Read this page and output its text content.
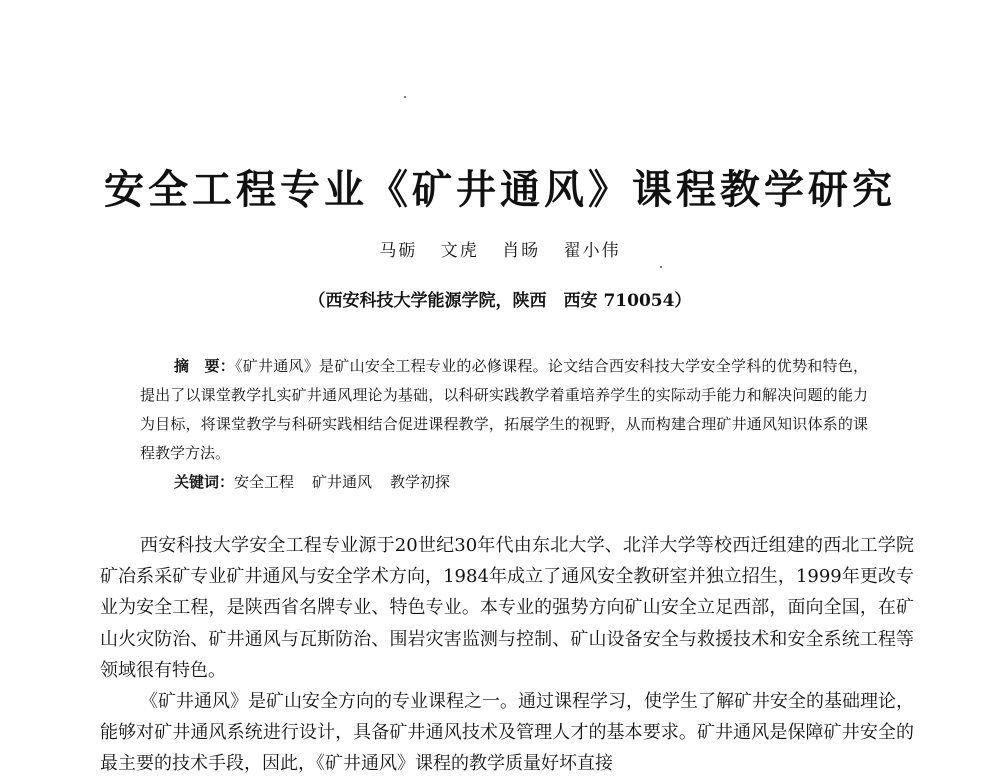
安全工程专业《矿井通风》课程教学研究
马砺 文虎 肖旸 翟小伟
（西安科技大学能源学院，陕西　西安 710054）
摘　要：《矿井通风》是矿山安全工程专业的必修课程。论文结合西安科技大学安全学科的优势和特色，提出了以课堂教学扎实矿井通风理论为基础，以科研实践教学着重培养学生的实际动手能力和解决问题的能力为目标，将课堂教学与科研实践相结合促进课程教学，拓展学生的视野，从而构建合理矿井通风知识体系的课程教学方法。
关键词：安全工程 矿井通风 教学初探

西安科技大学安全工程专业源于20世纪30年代由东北大学、北洋大学等校西迁组建的西北工学院矿冶系采矿专业矿井通风与安全学术方向，1984年成立了通风安全教研室并独立招生，1999年更改专业为安全工程，是陕西省名牌专业、特色专业。本专业的强势方向矿山安全立足西部，面向全国，在矿山火灾防治、矿井通风与瓦斯防治、围岩灾害监测与控制、矿山设备安全与救援技术和安全系统工程等领域很有特色。

《矿井通风》是矿山安全方向的专业课程之一。通过课程学习，使学生了解矿井安全的基础理论，能够对矿井通风系统进行设计，具备矿井通风技术及管理人才的基本要求。矿井通风是保障矿井安全的最主要的技术手段，因此，《矿井通风》课程的教学质量好坏直接
